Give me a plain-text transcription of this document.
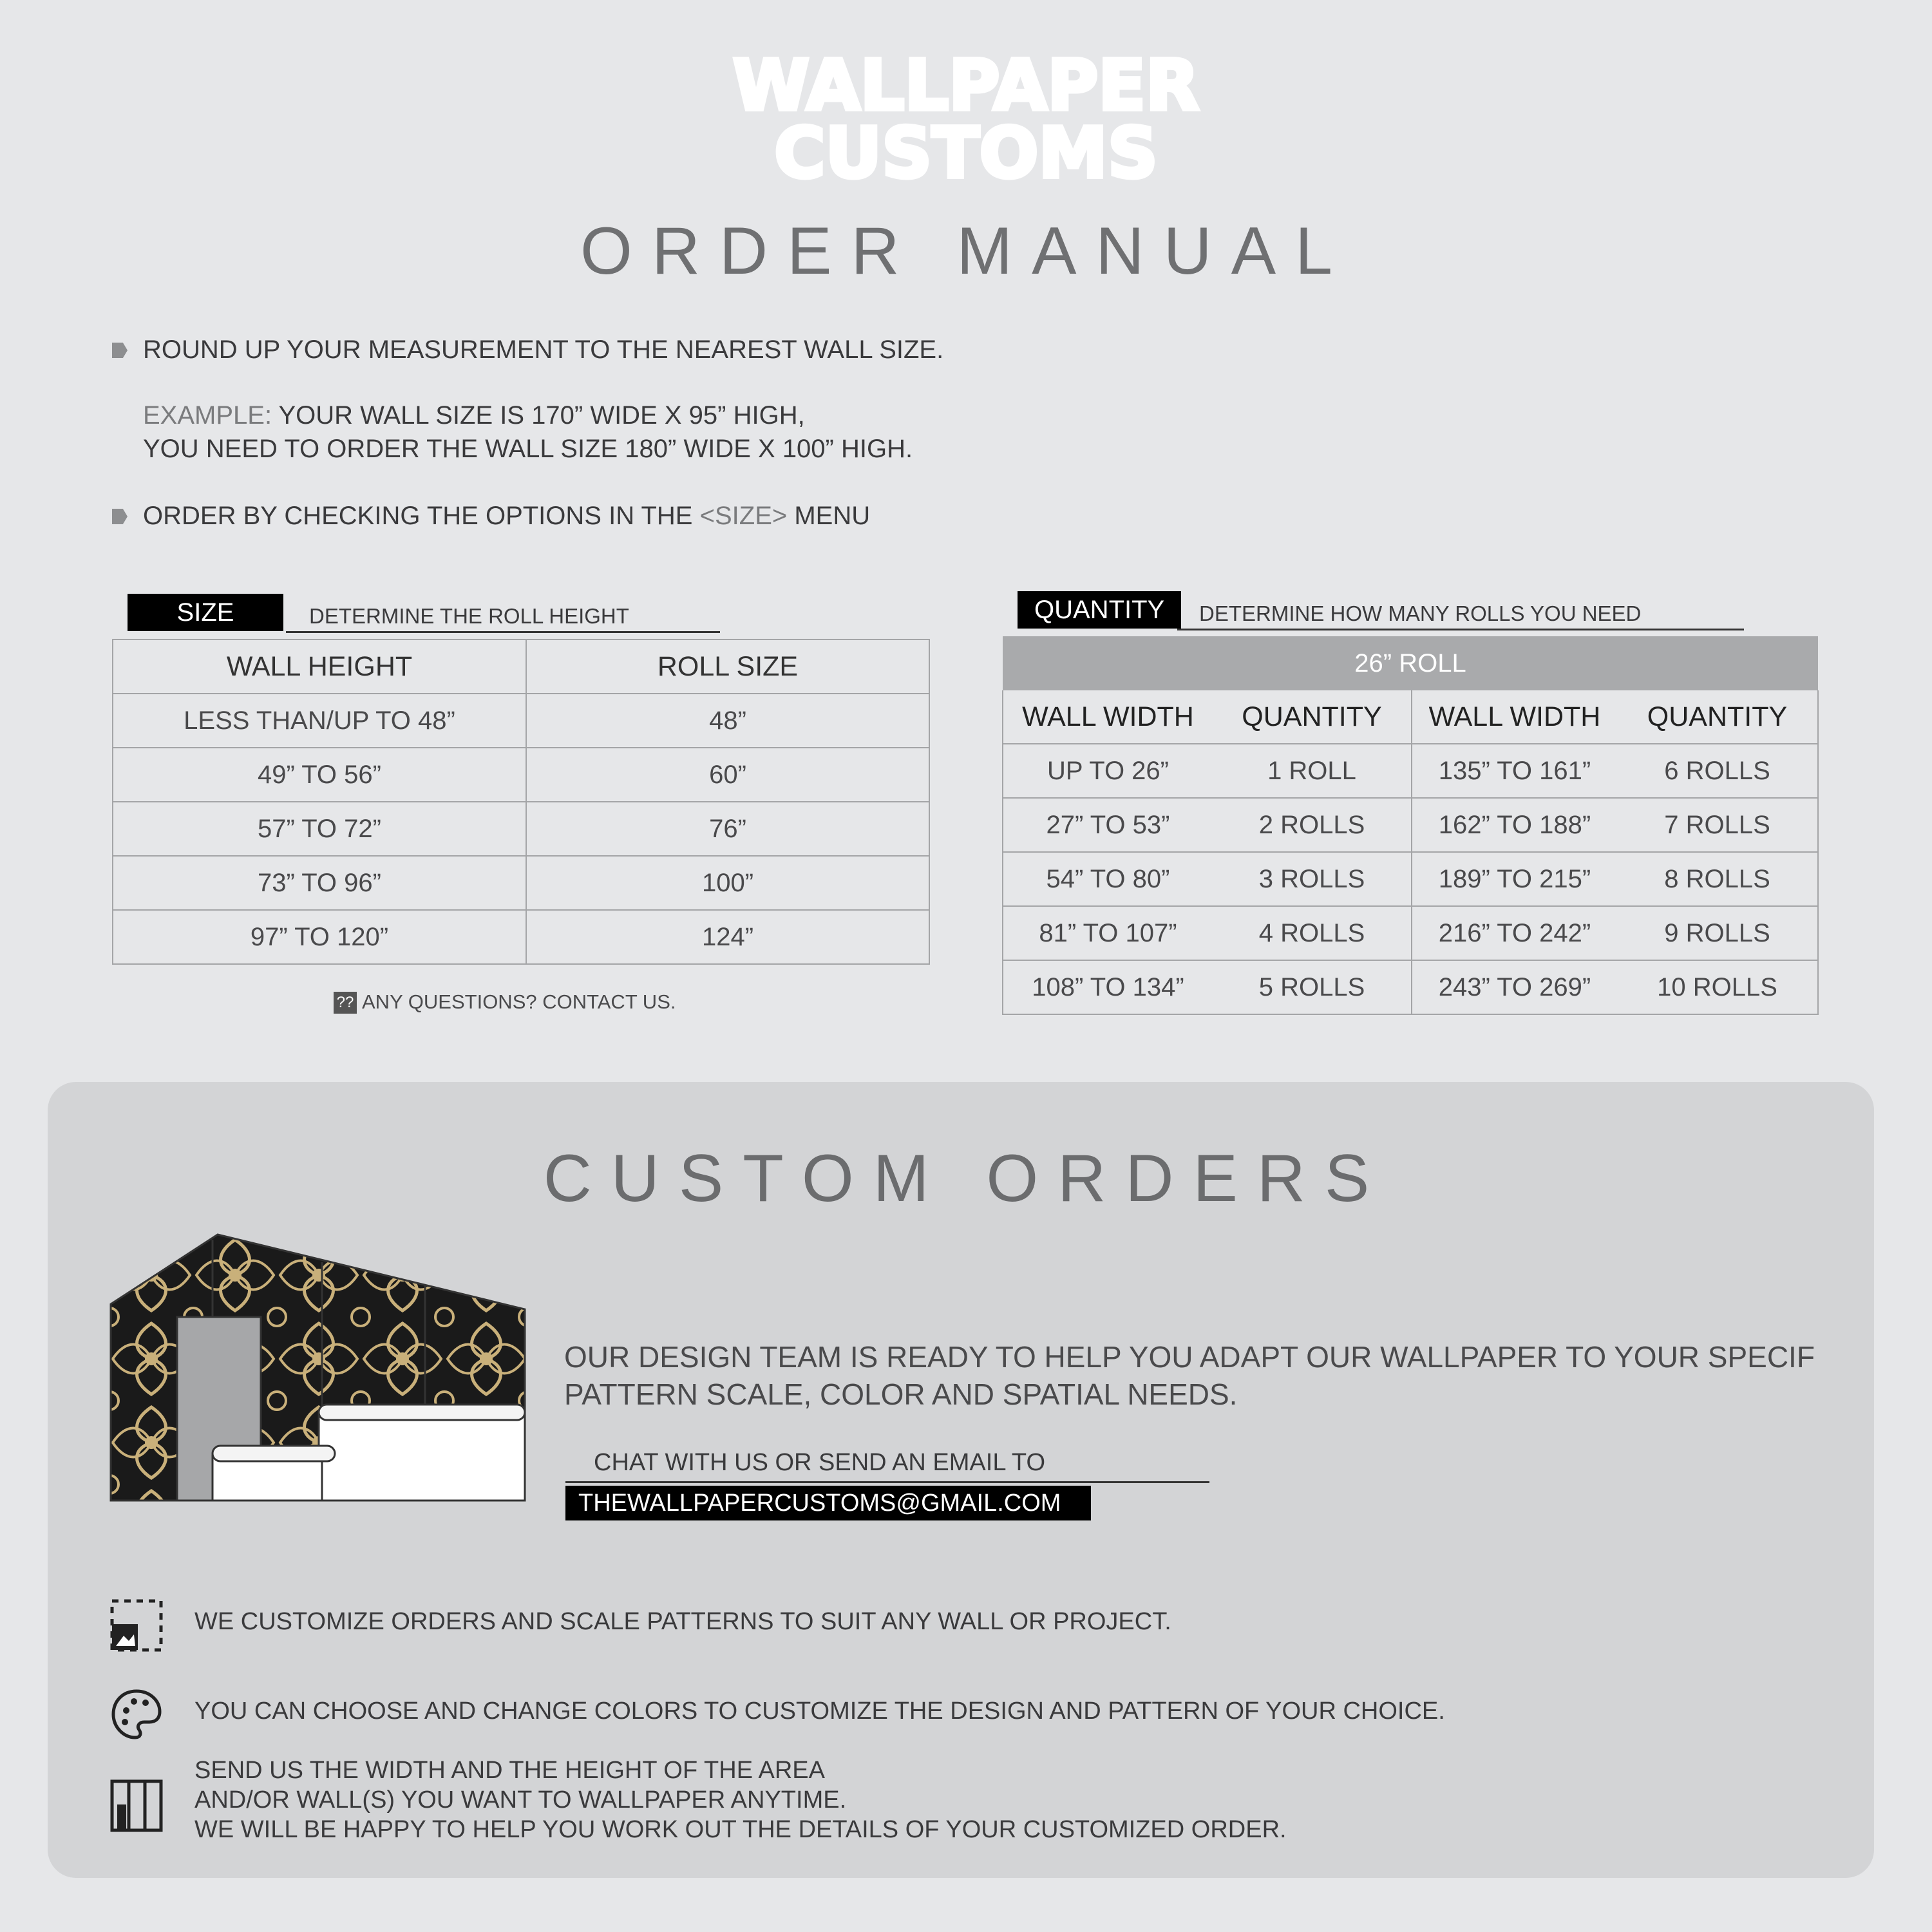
WALLPAPER
CUSTOMS
ORDER MANUAL
ROUND UP YOUR MEASUREMENT TO THE NEAREST WALL SIZE.
EXAMPLE: YOUR WALL SIZE IS 170” WIDE X 95” HIGH,
YOU NEED TO ORDER THE WALL SIZE 180” WIDE X 100” HIGH.
ORDER BY CHECKING THE OPTIONS IN THE <SIZE> MENU
SIZE	DETERMINE THE ROLL HEIGHT
WALL HEIGHT	ROLL SIZE
LESS THAN/UP TO 48”	48”
49” TO 56”	60”
57” TO 72”	76”
73” TO 96”	100”
97” TO 120”	124”
?? ANY QUESTIONS? CONTACT US.
QUANTITY	DETERMINE HOW MANY ROLLS YOU NEED
26” ROLL			
WALL WIDTH	QUANTITY	WALL WIDTH	QUANTITY
UP TO 26”	1 ROLL	135” TO 161”	6 ROLLS
27” TO 53”	2 ROLLS	162” TO 188”	7 ROLLS
54” TO 80”	3 ROLLS	189” TO 215”	8 ROLLS
81” TO 107”	4 ROLLS	216” TO 242”	9 ROLLS
108” TO 134”	5 ROLLS	243” TO 269”	10 ROLLS
CUSTOM ORDERS
OUR DESIGN TEAM IS READY TO HELP YOU ADAPT OUR WALLPAPER TO YOUR SPECIF
PATTERN SCALE, COLOR AND SPATIAL NEEDS.
CHAT WITH US OR SEND AN EMAIL TO
THEWALLPAPERCUSTOMS@GMAIL.COM
WE CUSTOMIZE ORDERS AND SCALE PATTERNS TO SUIT ANY WALL OR PROJECT.
YOU CAN CHOOSE AND CHANGE COLORS TO CUSTOMIZE THE DESIGN AND PATTERN OF YOUR CHOICE.
SEND US THE WIDTH AND THE HEIGHT OF THE AREA
AND/OR WALL(S) YOU WANT TO WALLPAPER ANYTIME.
WE WILL BE HAPPY TO HELP YOU WORK OUT THE DETAILS OF YOUR CUSTOMIZED ORDER.
